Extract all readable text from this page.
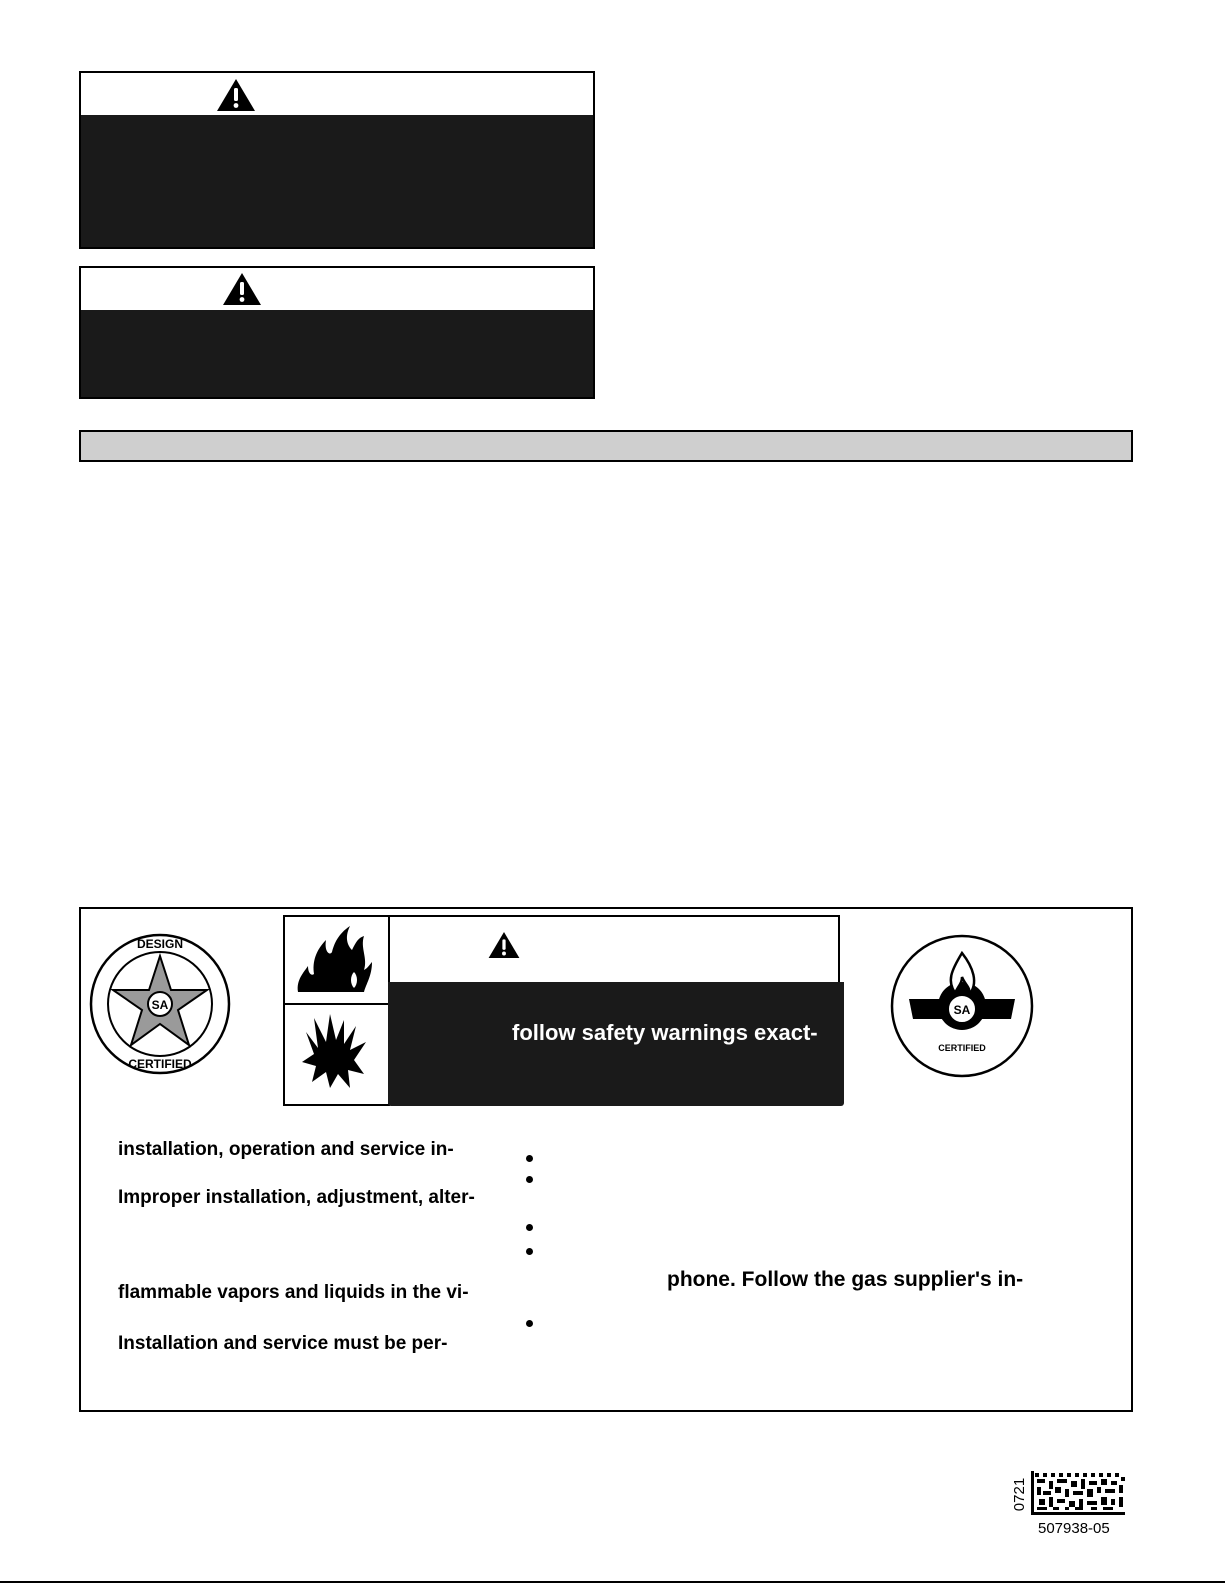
SA
DESIGN
CERTIFIED
SA
CERTIFIED
follow safety warnings exact-
installation, operation and service in-
Improper installation, adjustment, alter-
flammable vapors and liquids in the vi-
Installation and service must be per-
phone. Follow the gas supplier's in-
0721
507938-05
